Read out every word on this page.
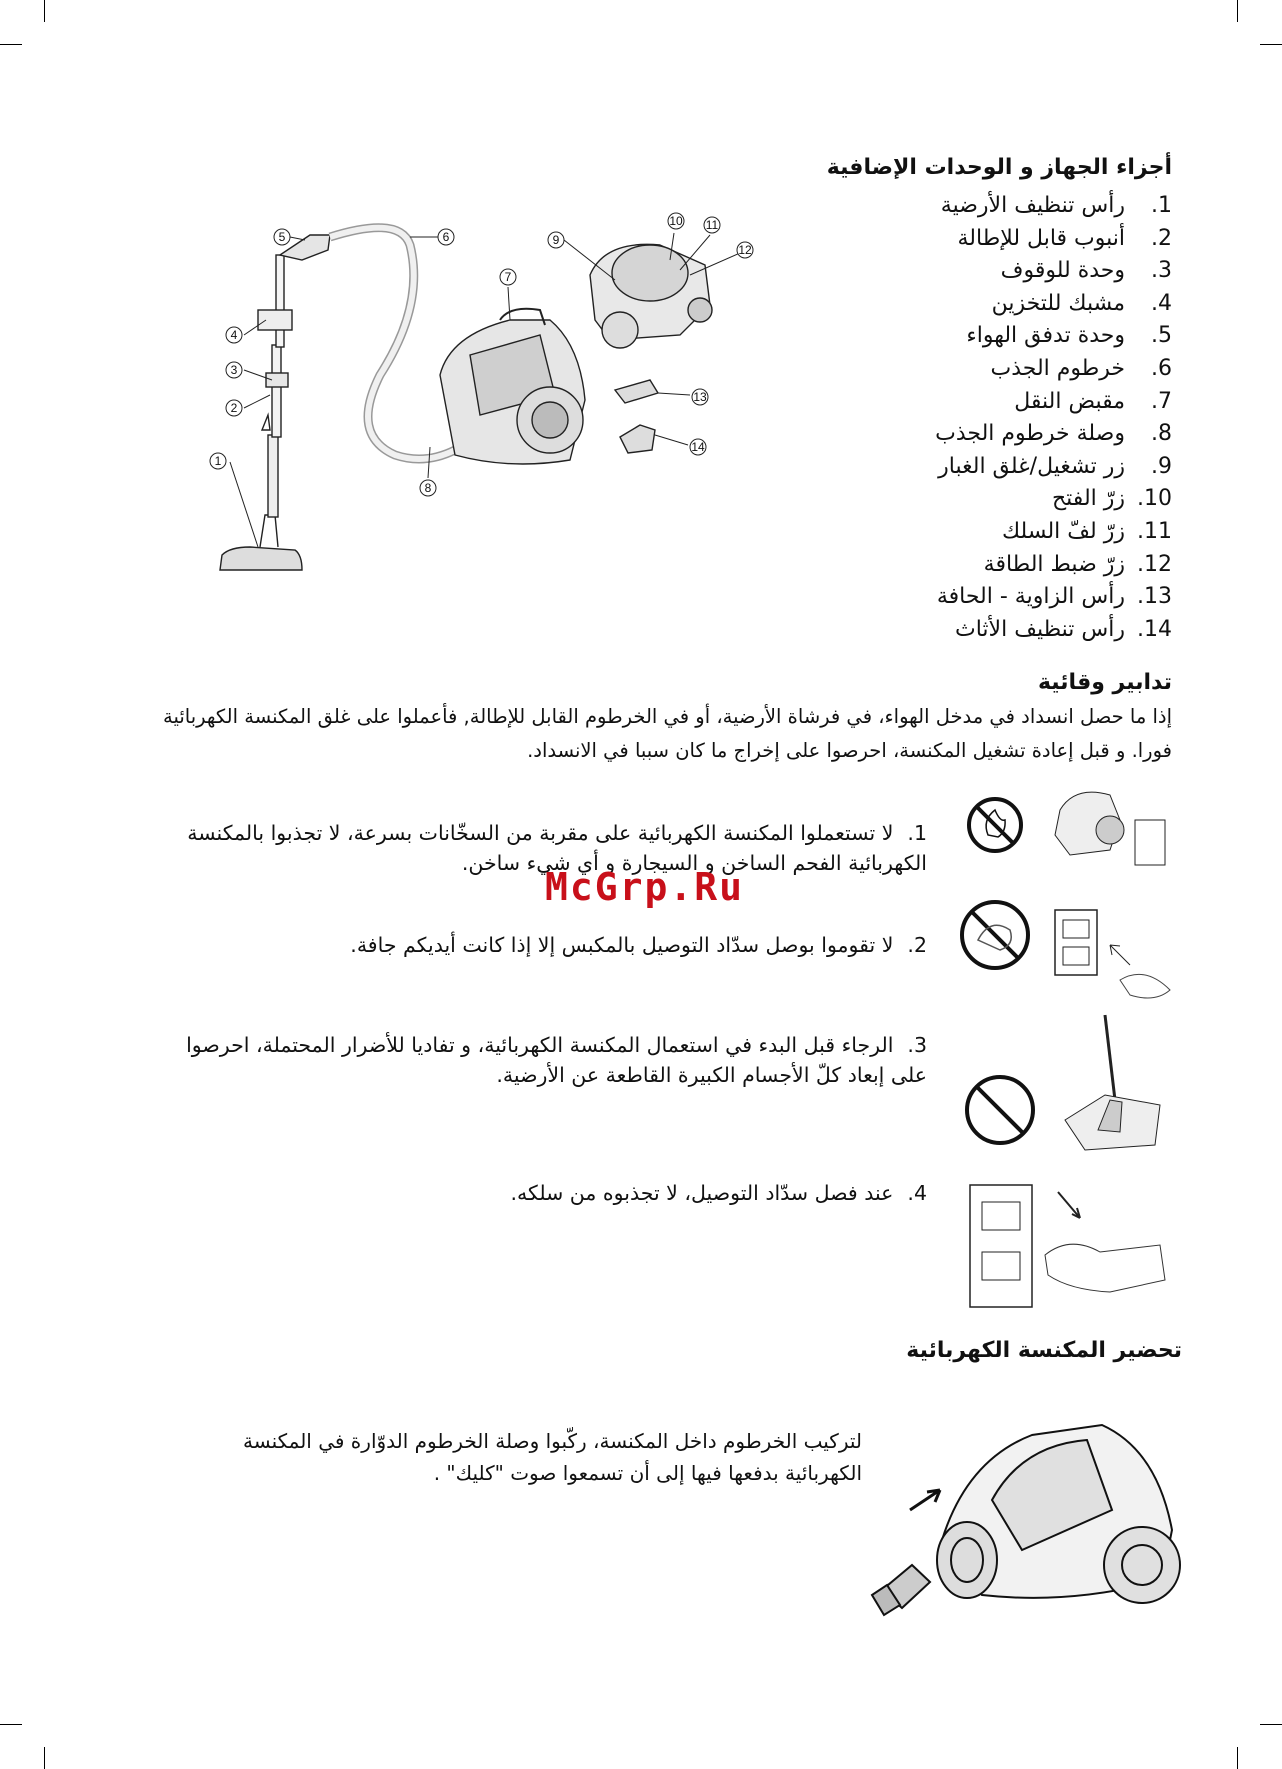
أجزاء الجهاز و الوحدات الإضافية
1. رأس تنظيف الأرضية
2. أنبوب قابل للإطالة
3. وحدة للوقوف
4. مشبك للتخزين
5. وحدة تدفق الهواء
6. خرطوم الجذب
7. مقبض النقل
8. وصلة خرطوم الجذب
9. زر تشغيل/غلق الغبار
10. زرّ الفتح
11. زرّ لفّ السلك
12. زرّ ضبط الطاقة
13. رأس الزاوية - الحافة
14. رأس تنظيف الأثاث
1
2
3
4
5	6
7
8
9
10 11
12
13
14
تدابير وقائية
إذا ما حصل انسداد في مدخل الهواء، في فرشاة الأرضية، أو في الخرطوم القابل للإطالة, فأعملوا على غلق المكنسة الكهربائية فورا. و قبل إعادة تشغيل المكنسة، احرصوا على إخراج ما كان سببا في الانسداد.
1.لا تستعملوا المكنسة الكهربائية على مقربة من السخّانات بسرعة، لا تجذبوا بالمكنسة الكهربائية الفحم الساخن و السيجارة و أي شيء ساخن.
2.لا تقوموا بوصل سدّاد التوصيل بالمكبس إلا إذا كانت أيديكم جافة.
3.الرجاء قبل البدء في استعمال المكنسة الكهربائية، و تفاديا للأضرار المحتملة، احرصوا على إبعاد كلّ الأجسام الكبيرة القاطعة عن الأرضية.
4.عند فصل سدّاد التوصيل، لا تجذبوه من سلكه.
تحضير المكنسة الكهربائية
لتركيب الخرطوم داخل المكنسة، ركّبوا وصلة الخرطوم الدوّارة في المكنسة الكهربائية بدفعها فيها إلى أن تسمعوا صوت "كليك" .
McGrp.Ru
